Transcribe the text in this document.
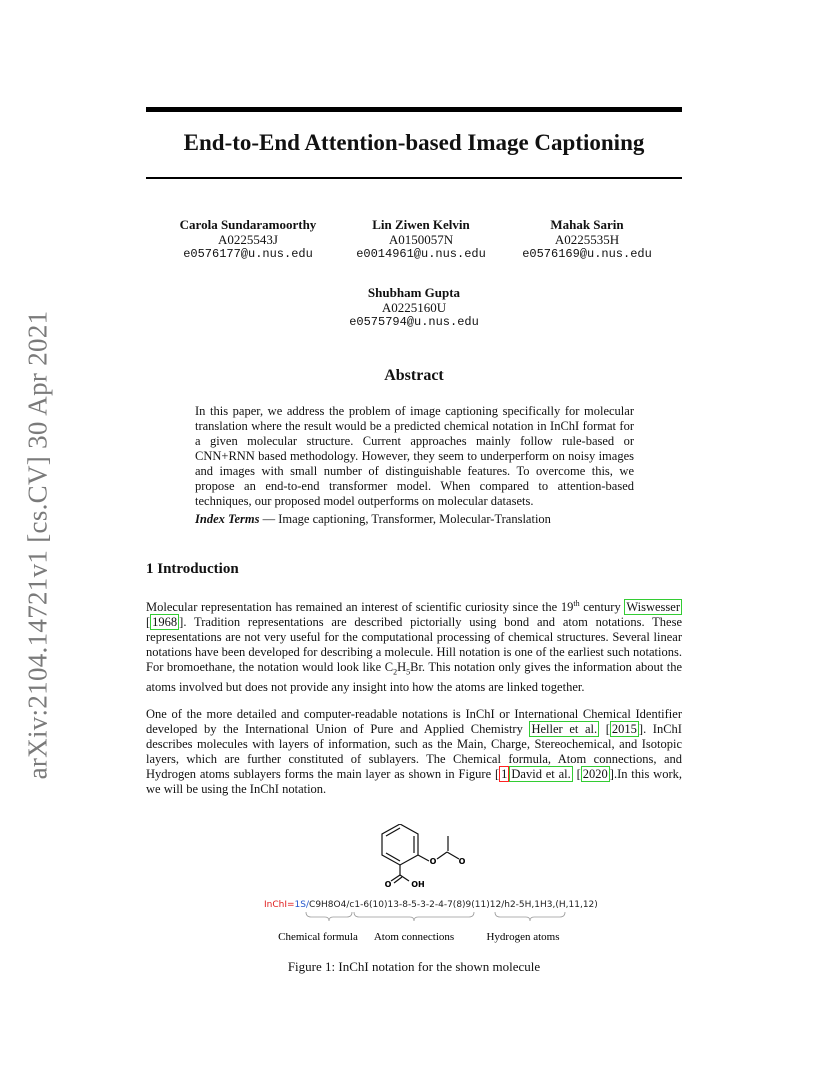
arXiv:2104.14721v1 [cs.CV] 30 Apr 2021
End-to-End Attention-based Image Captioning
Carola Sundaramoorthy
A0225543J
e0576177@u.nus.edu
Lin Ziwen Kelvin
A0150057N
e0014961@u.nus.edu
Mahak Sarin
A0225535H
e0576169@u.nus.edu
Shubham Gupta
A0225160U
e0575794@u.nus.edu
Abstract
In this paper, we address the problem of image captioning specifically for molecular translation where the result would be a predicted chemical notation in InChI format for a given molecular structure. Current approaches mainly follow rule-based or CNN+RNN based methodology. However, they seem to underperform on noisy images and images with small number of distinguishable features. To overcome this, we propose an end-to-end transformer model. When compared to attention-based techniques, our proposed model outperforms on molecular datasets.
Index Terms — Image captioning, Transformer, Molecular-Translation
1 Introduction
Molecular representation has remained an interest of scientific curiosity since the 19th century Wiswesser [ 1968 ]. Tradition representations are described pictorially using bond and atom notations. These representations are not very useful for the computational processing of chemical structures. Several linear notations have been developed for describing a molecule. Hill notation is one of the earliest such notations. For bromoethane, the notation would look like $C_2H_5Br$. This notation only gives the information about the atoms involved but does not provide any insight into how the atoms are linked together.
One of the more detailed and computer-readable notations is InChI or International Chemical Identifier developed by the International Union of Pure and Applied Chemistry Heller et al. [ 2015 ]. InChI describes molecules with layers of information, such as the Main, Charge, Stereochemical, and Isotopic layers, which are further constituted of sublayers. The Chemical formula, Atom connections, and Hydrogen atoms sublayers forms the main layer as shown in Figure [ 1 David et al. [ 2020 ].In this work, we will be using the InChI notation.
O	O
O OH
InChI=1S/C9H8O4/c1-6(10)13-8-5-3-2-4-7(8)9(11)12/h2-5H,1H3,(H,11,12)
Chemical formula Atom connections	Hydrogen atoms
Figure 1: InChI notation for the shown molecule
